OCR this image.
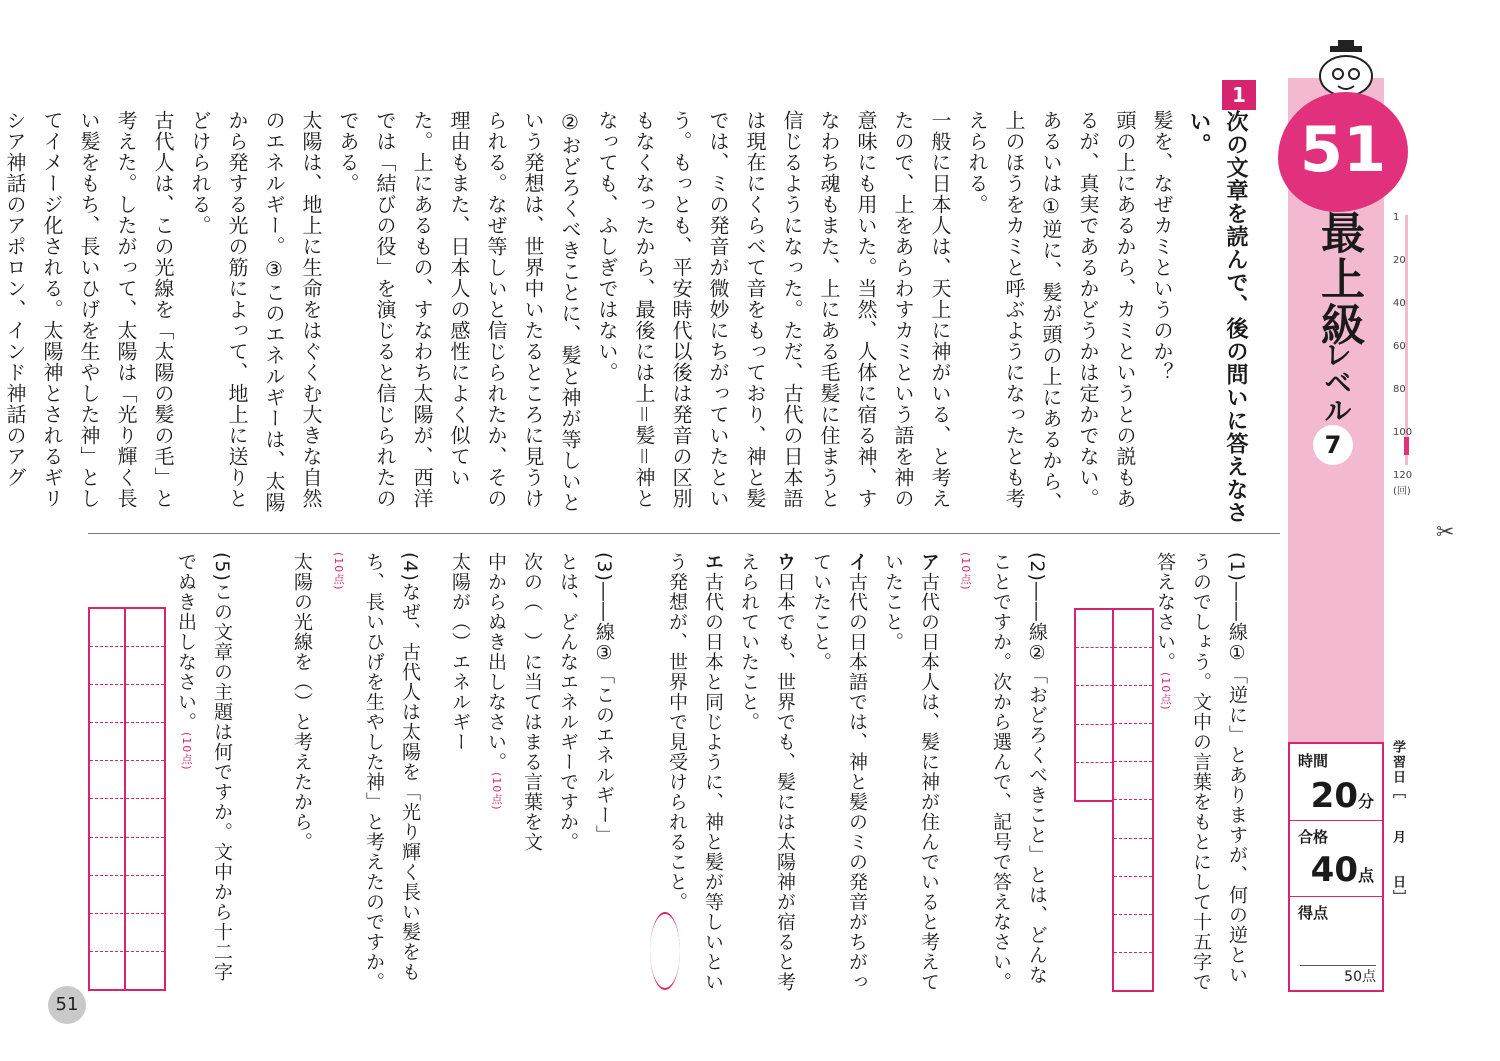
1

次の文章を読んで、後の問いに答えなさい。

髪を、なぜカミというのか？

頭の上にあるから、カミというとの説もあるが、真実であるかどうかは定かでない。あるいは①逆に、髪が頭の上にあるから、上のほうをカミと呼ぶようになったとも考えられる。

一般に日本人は、天上に神がいる、と考えたので、上をあらわすカミという語を神の意味にも用いた。当然、人体に宿る神、すなわち魂もまた、上にある毛髪に住まうと信じるようになった。ただ、古代の日本語は現在にくらべて音をもっており、神と髪では、ミの発音が微妙にちがっていたという。もっとも、平安時代以後は発音の区別もなくなったから、最後には上＝髪＝神となっても、ふしぎではない。

②おどろくべきことに、髪と神が等しいという発想は、世界中いたるところに見うけられる。なぜ等しいと信じられたか、その理由もまた、日本人の感性によく似ていた。上にあるもの、すなわち太陽が、西洋では「結びの役」を演じると信じられたのである。

太陽は、地上に生命をはぐくむ大きな自然のエネルギー。③このエネルギーは、太陽から発する光の筋によって、地上に送りとどけられる。

古代人は、この光線を「太陽の髪の毛」と考えた。したがって、太陽は「光り輝く長い髪をもち、長いひげを生やした神」としてイメージ化される。太陽神とされるギリシア神話のアポロン、インド神話のアグ

(1)――線①「逆に」とありますが、何の逆というのでしょう。文中の言葉をもとにして十五字で答えなさい。(10点)

(2)――線②「おどろくべきこと」とは、どんなことですか。次から選んで、記号で答えなさい。(10点)

ア古代の日本人は、髪に神が住んでいると考えていたこと。

イ古代の日本語では、神と髪のミの発音がちがっていたこと。

ウ日本でも、世界でも、髪には太陽神が宿ると考えられていたこと。

エ古代の日本と同じように、神と髪が等しいという発想が、世界中で見受けられること。

(3)――線③「このエネルギー」とは、どんなエネルギーですか。次の（　）に当てはまる言葉を文中からぬき出しなさい。(10点)

太陽が（）エネルギー

(4)なぜ、古代人は太陽を「光り輝く長い髪をもち、長いひげを生やした神」と考えたのですか。(10点)

太陽の光線を（）と考えたから。

(5)この文章の主題は何ですか。文中から十二字でぬき出しなさい。(10点)

51
最上級
レベル
7
1
20
40
60
80
100
120
(回)
時間
20分
合格
40点
得点
50点
学習日［　　月　　日］
✂
51
